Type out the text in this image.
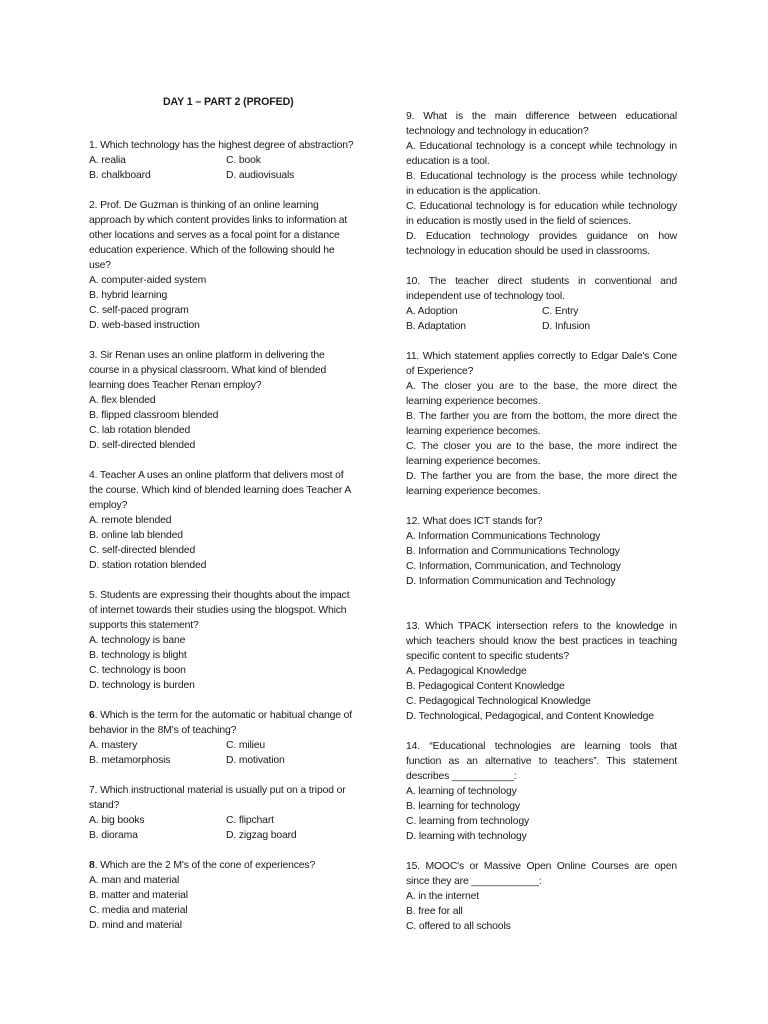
DAY 1 – PART 2 (PROFED)

1. Which technology has the highest degree of abstraction?

A. realia	C. book
B. chalkboard	D. audiovisuals
2. Prof. De Guzman is thinking of an online learning
approach by which content provides links to information at
other locations and serves as a focal point for a distance
education experience. Which of the following should he
use?
A. computer-aided system
B. hybrid learning
C. self-paced program
D. web-based instruction
3. Sir Renan uses an online platform in delivering the
course in a physical classroom. What kind of blended
learning does Teacher Renan employ?
A. flex blended
B. flipped classroom blended
C. lab rotation blended
D. self-directed blended
4. Teacher A uses an online platform that delivers most of
the course. Which kind of blended learning does Teacher A
employ?
A. remote blended
B. online lab blended
C. self-directed blended
D. station rotation blended
5. Students are expressing their thoughts about the impact
of internet towards their studies using the blogspot. Which
supports this statement?
A. technology is bane
B. technology is blight
C. technology is boon
D. technology is burden
6. Which is the term for the automatic or habitual change of
behavior in the 8M's of teaching?
A. mastery	C. milieu
B. metamorphosis	D. motivation
7. Which instructional material is usually put on a tripod or
stand?
A. big books	C. flipchart
B. diorama	D. zigzag board
8. Which are the 2 M's of the cone of experiences?
A. man and material
B. matter and material
C. media and material
D. mind and material
9. What is the main difference between educational
technology and technology in education?
A. Educational technology is a concept while technology in
education is a tool.
B. Educational technology is the process while technology
in education is the application.
C. Educational technology is for education while technology
in education is mostly used in the field of sciences.
D. Education technology provides guidance on how
technology in education should be used in classrooms.
10. The teacher direct students in conventional and
independent use of technology tool.
A. Adoption	C. Entry
B. Adaptation	D. Infusion
11. Which statement applies correctly to Edgar Dale's Cone
of Experience?
A. The closer you are to the base, the more direct the
learning experience becomes.
B. The farther you are from the bottom, the more direct the
learning experience becomes.
C. The closer you are to the base, the more indirect the
learning experience becomes.
D. The farther you are from the base, the more direct the
learning experience becomes.
12. What does ICT stands for?
A. Information Communications Technology
B. Information and Communications Technology
C. Information, Communication, and Technology
D. Information Communication and Technology
13. Which TPACK intersection refers to the knowledge in
which teachers should know the best practices in teaching
specific content to specific students?
A. Pedagogical Knowledge
B. Pedagogical Content Knowledge
C. Pedagogical Technological Knowledge
D. Technological, Pedagogical, and Content Knowledge
14. “Educational technologies are learning tools that
function as an alternative to teachers”. This statement
describes ___________:
A. learning of technology
B. learning for technology
C. learning from technology
D. learning with technology
15. MOOC's or Massive Open Online Courses are open
since they are ____________:
A. in the internet
B. free for all
C. offered to all schools
